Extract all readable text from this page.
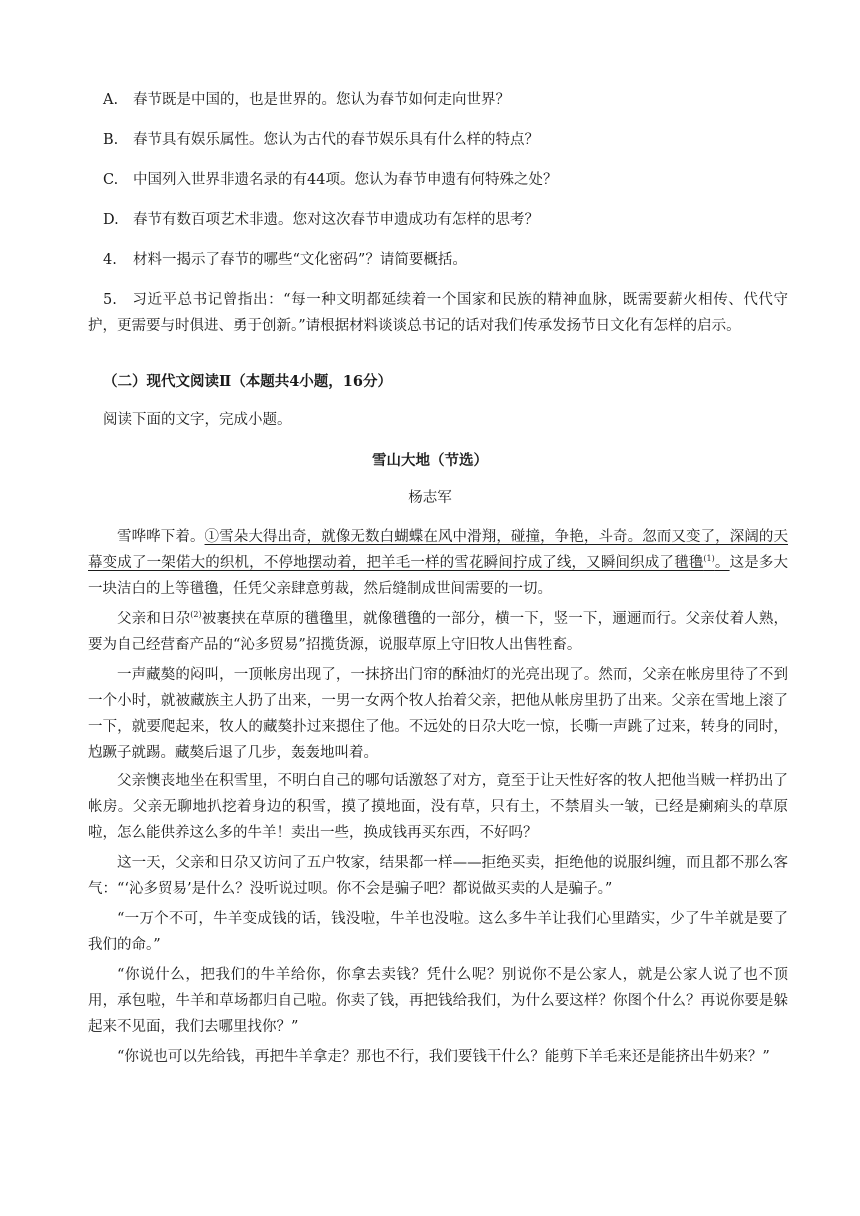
A. 春节既是中国的，也是世界的。您认为春节如何走向世界？
B. 春节具有娱乐属性。您认为古代的春节娱乐具有什么样的特点？
C. 中国列入世界非遗名录的有44项。您认为春节申遗有何特殊之处？
D. 春节有数百项艺术非遗。您对这次春节申遗成功有怎样的思考？
4. 材料一揭示了春节的哪些“文化密码”？请简要概括。
5. 习近平总书记曾指出：“每一种文明都延续着一个国家和民族的精神血脉，既需要薪火相传、代代守护，更需要与时俱进、勇于创新。”请根据材料谈谈总书记的话对我们传承发扬节日文化有怎样的启示。
（二）现代文阅读Ⅱ（本题共4小题，16分）
阅读下面的文字，完成小题。
雪山大地（节选）
杨志军
雪哗哗下着。①雪朵大得出奇，就像无数白蝴蝶在风中滑翔，碰撞，争艳，斗奇。忽而又变了，深阔的天幕变成了一架偌大的织机，不停地摆动着，把羊毛一样的雪花瞬间拧成了线，又瞬间织成了氆氇$^{(1)}$。这是多大一块洁白的上等氆氇，任凭父亲肆意剪裁，然后缝制成世间需要的一切。
父亲和日尕$^{(2)}$被裹挟在草原的氆氇里，就像氆氇的一部分，横一下，竖一下，逦逦而行。父亲仗着人熟，要为自己经营畜产品的“沁多贸易”招揽货源，说服草原上守旧牧人出售牲畜。
一声藏獒的闷叫，一顶帐房出现了，一抹挤出门帘的酥油灯的光亮出现了。然而，父亲在帐房里待了不到一个小时，就被藏族主人扔了出来，一男一女两个牧人抬着父亲，把他从帐房里扔了出来。父亲在雪地上滚了一下，就要爬起来，牧人的藏獒扑过来摁住了他。不远处的日尕大吃一惊，长嘶一声跳了过来，转身的同时，尥蹶子就踢。藏獒后退了几步，轰轰地叫着。
父亲懊丧地坐在积雪里，不明白自己的哪句话激怒了对方，竟至于让天性好客的牧人把他当贼一样扔出了帐房。父亲无聊地扒挖着身边的积雪，摸了摸地面，没有草，只有土，不禁眉头一皱，已经是瘌痢头的草原啦，怎么能供养这么多的牛羊！卖出一些，换成钱再买东西，不好吗？
这一天，父亲和日尕又访问了五户牧家，结果都一样——拒绝买卖，拒绝他的说服纠缠，而且都不那么客气：“‘沁多贸易’是什么？没听说过呗。你不会是骗子吧？都说做买卖的人是骗子。”
“一万个不可，牛羊变成钱的话，钱没啦，牛羊也没啦。这么多牛羊让我们心里踏实，少了牛羊就是要了我们的命。”
“你说什么，把我们的牛羊给你，你拿去卖钱？凭什么呢？别说你不是公家人，就是公家人说了也不顶用，承包啦，牛羊和草场都归自己啦。你卖了钱，再把钱给我们，为什么要这样？你图个什么？再说你要是躲起来不见面，我们去哪里找你？”
“你说也可以先给钱，再把牛羊拿走？那也不行，我们要钱干什么？能剪下羊毛来还是能挤出牛奶来？”
